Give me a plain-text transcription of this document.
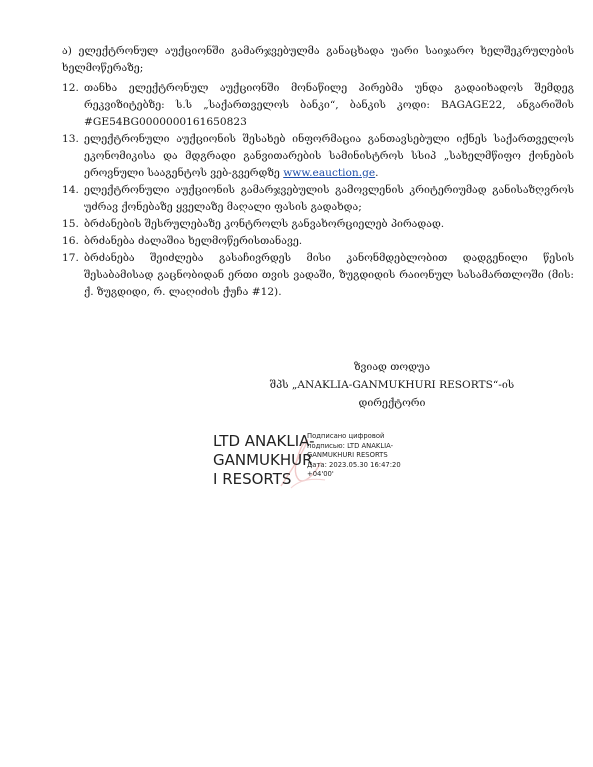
ა) ელექტრონულ აუქციონში გამარჯვებულმა განაცხადა უარი საიჯარო ხელშეკრულების ხელმოწერაზე;
12. თანხა ელექტრონულ აუქციონში მონაწილე პირებმა უნდა გადაიხადოს შემდეგ რეკვიზიტებზე: ს.ს „საქართველოს ბანკი“, ბანკის კოდი: BAGAGE22, ანგარიშის #GE54BG0000000161650823
13. ელექტრონული აუქციონის შესახებ ინფორმაცია განთავსებული იქნეს საქართველოს ეკონომიკისა და მდგრადი განვითარების სამინისტროს სსიპ „სახელმწიფო ქონების ეროვნული სააგენტოს ვებ-გვერდზე www.eauction.ge.
14. ელექტრონული აუქციონის გამარჯვებულის გამოვლენის კრიტერიუმად განისაზღვროს უძრავ ქონებაზე ყველაზე მაღალი ფასის გადახდა;
15. ბრძანების შესრულებაზე კონტროლს განვახორციელებ პირადად.
16. ბრძანება ძალაშია ხელმოწერისთანავე.
17. ბრძანება შეიძლება გასაჩივრდეს მისი კანონმდებლობით დადგენილი წესის შესაბამისად გაცნობიდან ერთი თვის ვადაში, ზუგდიდის რაიონულ სასამართლოში (მის: ქ. ზუგდიდი, რ. ლაღიძის ქუჩა #12).
ზვიად თოდუა
შპს „ANAKLIA-GANMUKHURI RESORTS“-ის
დირექტორი
LTD ANAKLIA-
GANMUKHUR
I RESORTS
Подписано цифровой
подписью: LTD ANAKLIA-
GANMUKHURI RESORTS
Дата: 2023.05.30 16:47:20
+04'00'
